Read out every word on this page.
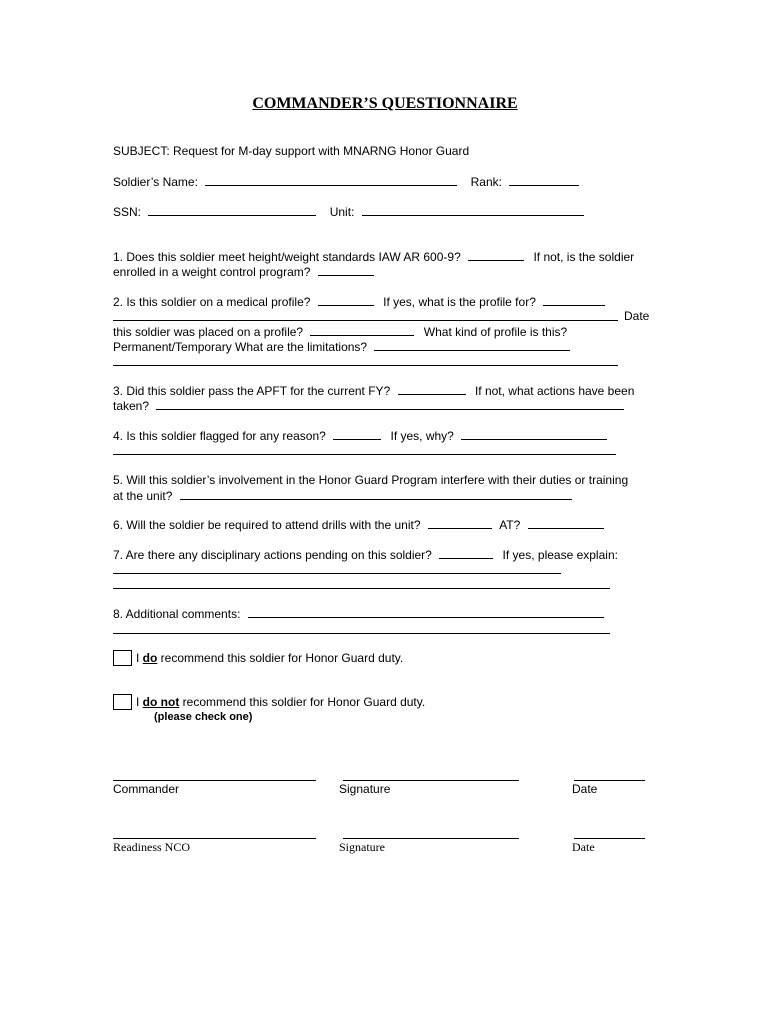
COMMANDER’S QUESTIONNAIRE
SUBJECT: Request for M-day support with MNARNG Honor Guard
Soldier’s Name:	Rank:
SSN:	Unit:
1. Does this soldier meet height/weight standards IAW AR 600-9?	If not, is the soldier
enrolled in a weight control program?
2. Is this soldier on a medical profile?	If yes, what is the profile for?
Date
this soldier was placed on a profile?	What kind of profile is this?
Permanent/Temporary What are the limitations?
3. Did this soldier pass the APFT for the current FY?	If not, what actions have been
taken?
4. Is this soldier flagged for any reason?	If yes, why?
5. Will this soldier’s involvement in the Honor Guard Program interfere with their duties or training
at the unit?
6. Will the soldier be required to attend drills with the unit?	AT?
7. Are there any disciplinary actions pending on this soldier?	If yes, please explain:
8. Additional comments:
I do recommend this soldier for Honor Guard duty.
I do not recommend this soldier for Honor Guard duty.
(please check one)
Commander	Signature	Date
Readiness NCO	Signature	Date
